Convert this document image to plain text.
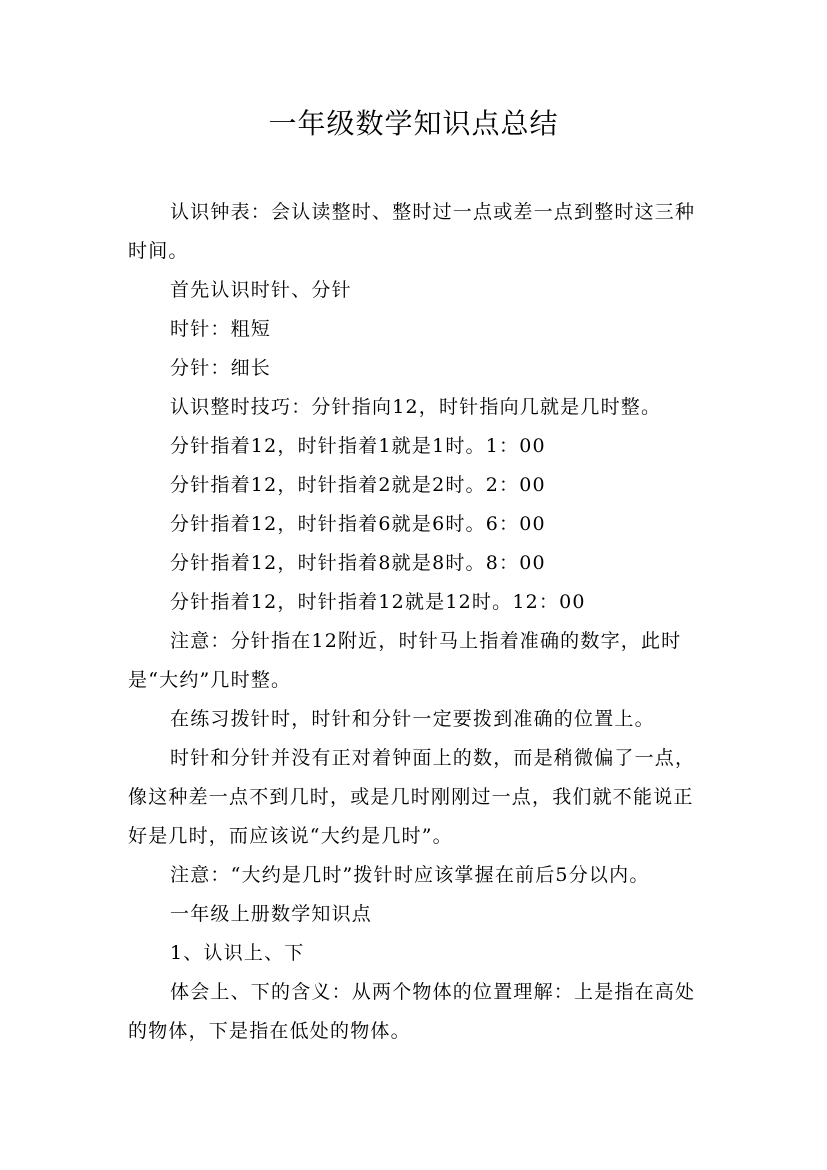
一年级数学知识点总结

认识钟表：会认读整时、整时过一点或差一点到整时这三种时间。

首先认识时针、分针

时针：粗短

分针：细长

认识整时技巧：分针指向12，时针指向几就是几时整。

分针指着12，时针指着1就是1时。1：00

分针指着12，时针指着2就是2时。2：00

分针指着12，时针指着6就是6时。6：00

分针指着12，时针指着8就是8时。8：00

分针指着12，时针指着12就是12时。12：00

注意：分针指在12附近，时针马上指着准确的数字，此时是“大约”几时整。

在练习拨针时，时针和分针一定要拨到准确的位置上。

时针和分针并没有正对着钟面上的数，而是稍微偏了一点，像这种差一点不到几时，或是几时刚刚过一点，我们就不能说正好是几时，而应该说“大约是几时”。

注意：“大约是几时”拨针时应该掌握在前后5分以内。

一年级上册数学知识点

1、认识上、下

体会上、下的含义：从两个物体的位置理解：上是指在高处的物体，下是指在低处的物体。
